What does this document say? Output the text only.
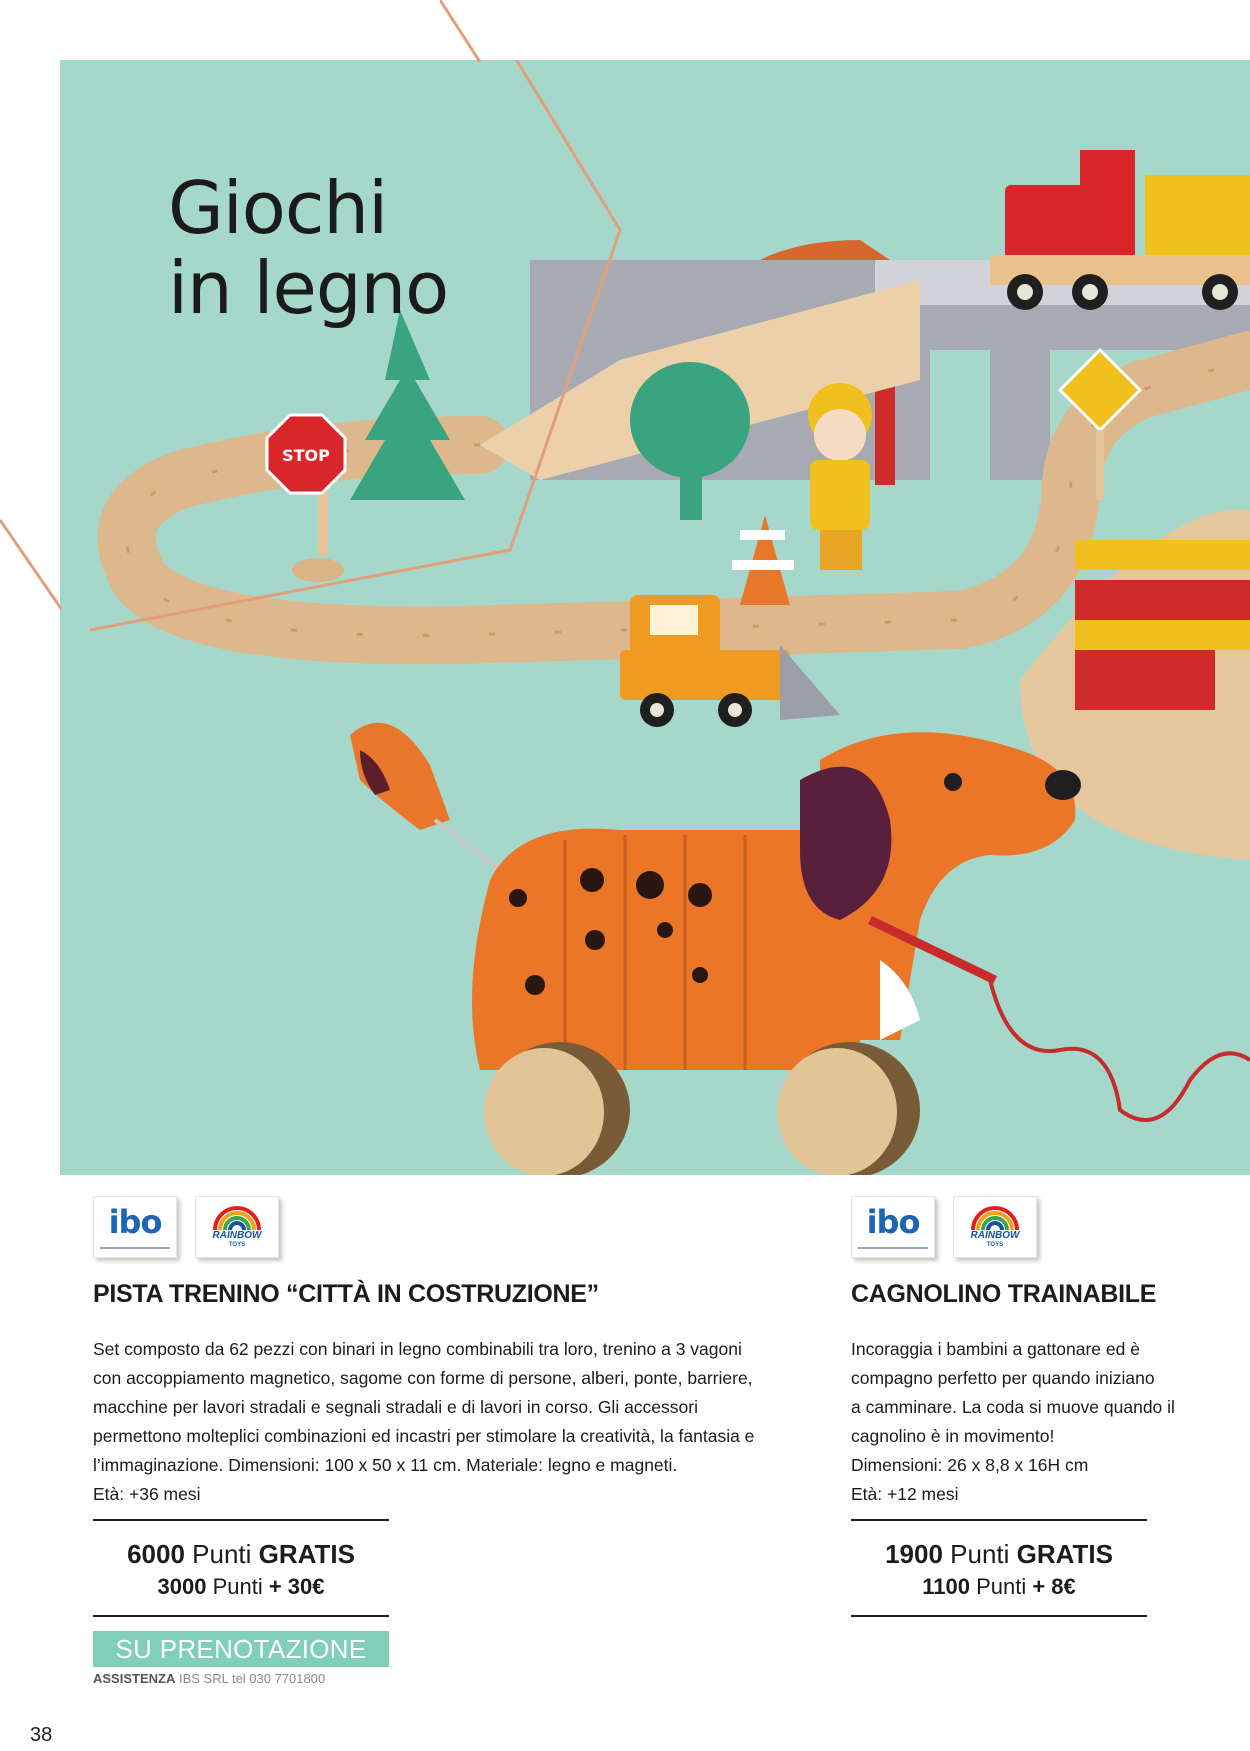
STOP
Giochi
in legno
ibo	RAINBOW
TOYS
PISTA TRENINO “CITTÀ IN COSTRUZIONE”

Set composto da 62 pezzi con binari in legno combinabili tra loro, trenino a 3 vagoni
con accoppiamento magnetico, sagome con forme di persone, alberi, ponte, barriere,
macchine per lavori stradali e segnali stradali e di lavori in corso. Gli accessori
permettono molteplici combinazioni ed incastri per stimolare la creatività, la fantasia e
l’immaginazione. Dimensioni: 100 x 50 x 11 cm. Materiale: legno e magneti.
Età: +36 mesi

6000 Punti GRATIS
3000 Punti + 30€
SU PRENOTAZIONE
ibo	RAINBOW
TOYS
CAGNOLINO TRAINABILE

Incoraggia i bambini a gattonare ed è
compagno perfetto per quando iniziano
a camminare. La coda si muove quando il
cagnolino è in movimento!
Dimensioni: 26 x 8,8 x 16H cm
Età: +12 mesi

1900 Punti GRATIS
1100 Punti + 8€
ASSISTENZA IBS SRL tel 030 7701800
38
